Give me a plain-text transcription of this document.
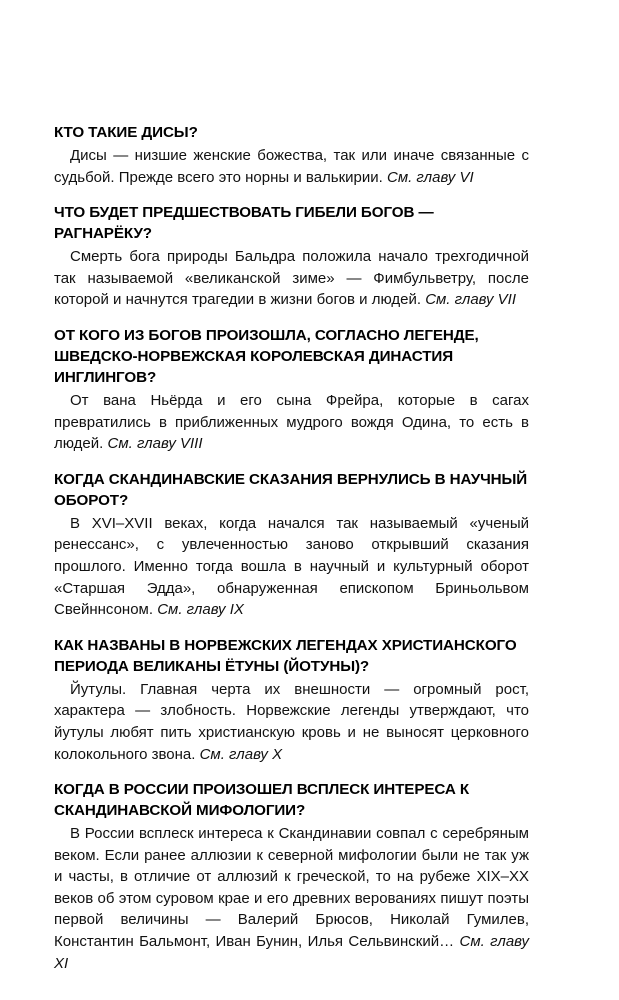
КТО ТАКИЕ ДИСЫ?

Дисы — низшие женские божества, так или иначе связанные с судьбой. Прежде всего это норны и валькирии. См. главу VI

ЧТО БУДЕТ ПРЕДШЕСТВОВАТЬ ГИБЕЛИ БОГОВ — РАГНАРЁКУ?

Смерть бога природы Бальдра положила начало трехгодичной так называемой «великанской зиме» — Фимбульветру, после которой и начнутся трагедии в жизни богов и людей. См. главу VII

ОТ КОГО ИЗ БОГОВ ПРОИЗОШЛА, СОГЛАСНО ЛЕГЕНДЕ, ШВЕДСКО-НОРВЕЖСКАЯ КОРОЛЕВСКАЯ ДИНАСТИЯ ИНГЛИНГОВ?

От вана Ньёрда и его сына Фрейра, которые в сагах превратились в приближенных мудрого вождя Одина, то есть в людей. См. главу VIII

КОГДА СКАНДИНАВСКИЕ СКАЗАНИЯ ВЕРНУЛИСЬ В НАУЧНЫЙ ОБОРОТ?

В XVI–XVII веках, когда начался так называемый «ученый ренессанс», с увлеченностью заново открывший сказания прошлого. Именно тогда вошла в научный и культурный оборот «Старшая Эдда», обнаруженная епископом Бриньольвом Свейннсоном. См. главу IX

КАК НАЗВАНЫ В НОРВЕЖСКИХ ЛЕГЕНДАХ ХРИСТИАНСКОГО ПЕРИОДА ВЕЛИКАНЫ ЁТУНЫ (ЙОТУНЫ)?

Йутулы. Главная черта их внешности — огромный рост, характера — злобность. Норвежские легенды утверждают, что йутулы любят пить христианскую кровь и не выносят церковного колокольного звона. См. главу X

КОГДА В РОССИИ ПРОИЗОШЕЛ ВСПЛЕСК ИНТЕРЕСА К СКАНДИНАВСКОЙ МИФОЛОГИИ?

В России всплеск интереса к Скандинавии совпал с серебряным веком. Если ранее аллюзии к северной мифологии были не так уж и часты, в отличие от аллюзий к греческой, то на рубеже XIX–XX веков об этом суровом крае и его древних верованиях пишут поэты первой величины — Валерий Брюсов, Николай Гумилев, Константин Бальмонт, Иван Бунин, Илья Сельвинский… См. главу XI
